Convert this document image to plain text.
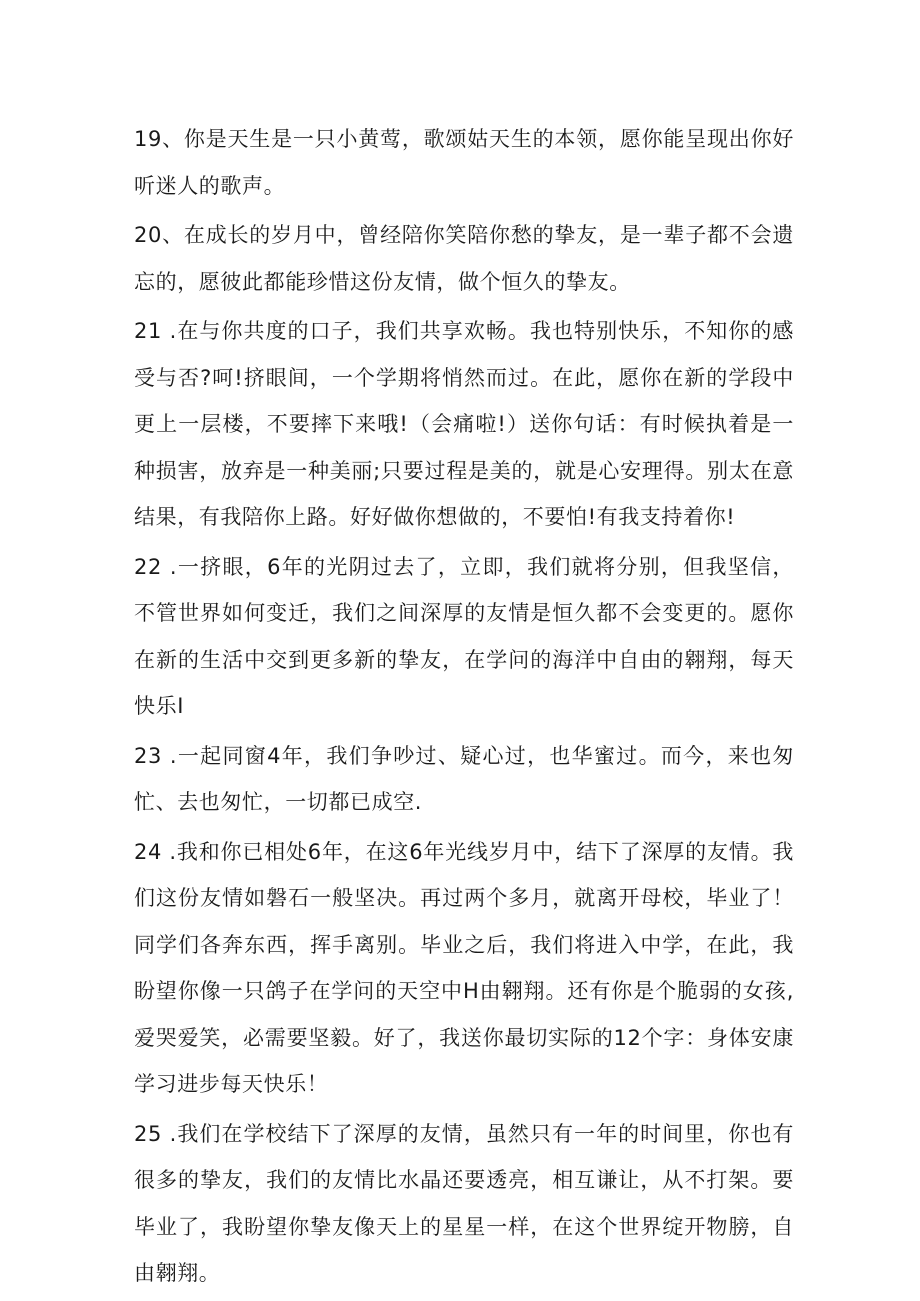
19、你是天生是一只小黄莺，歌颂姑天生的本领，愿你能呈现出你好听迷人的歌声。

20、在成长的岁月中，曾经陪你笑陪你愁的挚友，是一辈子都不会遗忘的，愿彼此都能珍惜这份友情，做个恒久的挚友。

21 .在与你共度的口子，我们共享欢畅。我也特别快乐，不知你的感受与否?呵!挤眼间，一个学期将悄然而过。在此，愿你在新的学段中更上一层楼，不要摔下来哦!（会痛啦!）送你句话：有时候执着是一种损害，放弃是一种美丽;只要过程是美的，就是心安理得。别太在意结果，有我陪你上路。好好做你想做的，不要怕!有我支持着你!

22 .一挤眼，6年的光阴过去了，立即，我们就将分别，但我坚信，不管世界如何变迁，我们之间深厚的友情是恒久都不会变更的。愿你在新的生活中交到更多新的挚友，在学问的海洋中自由的翱翔，每天快乐I

23 .一起同窗4年，我们争吵过、疑心过，也华蜜过。而今，来也匆忙、去也匆忙，一切都已成空.

24 .我和你已相处6年，在这6年光线岁月中，结下了深厚的友情。我们这份友情如磐石一般坚决。再过两个多月，就离开母校，毕业了！同学们各奔东西，挥手离别。毕业之后，我们将进入中学，在此，我盼望你像一只鸽子在学问的天空中H由翱翔。还有你是个脆弱的女孩,爱哭爱笑，必需要坚毅。好了，我送你最切实际的12个字：身体安康学习进步每天快乐！

25 .我们在学校结下了深厚的友情，虽然只有一年的时间里，你也有很多的挚友，我们的友情比水晶还要透亮，相互谦让，从不打架。要毕业了，我盼望你挚友像天上的星星一样，在这个世界绽开物膀，自由翱翔。
